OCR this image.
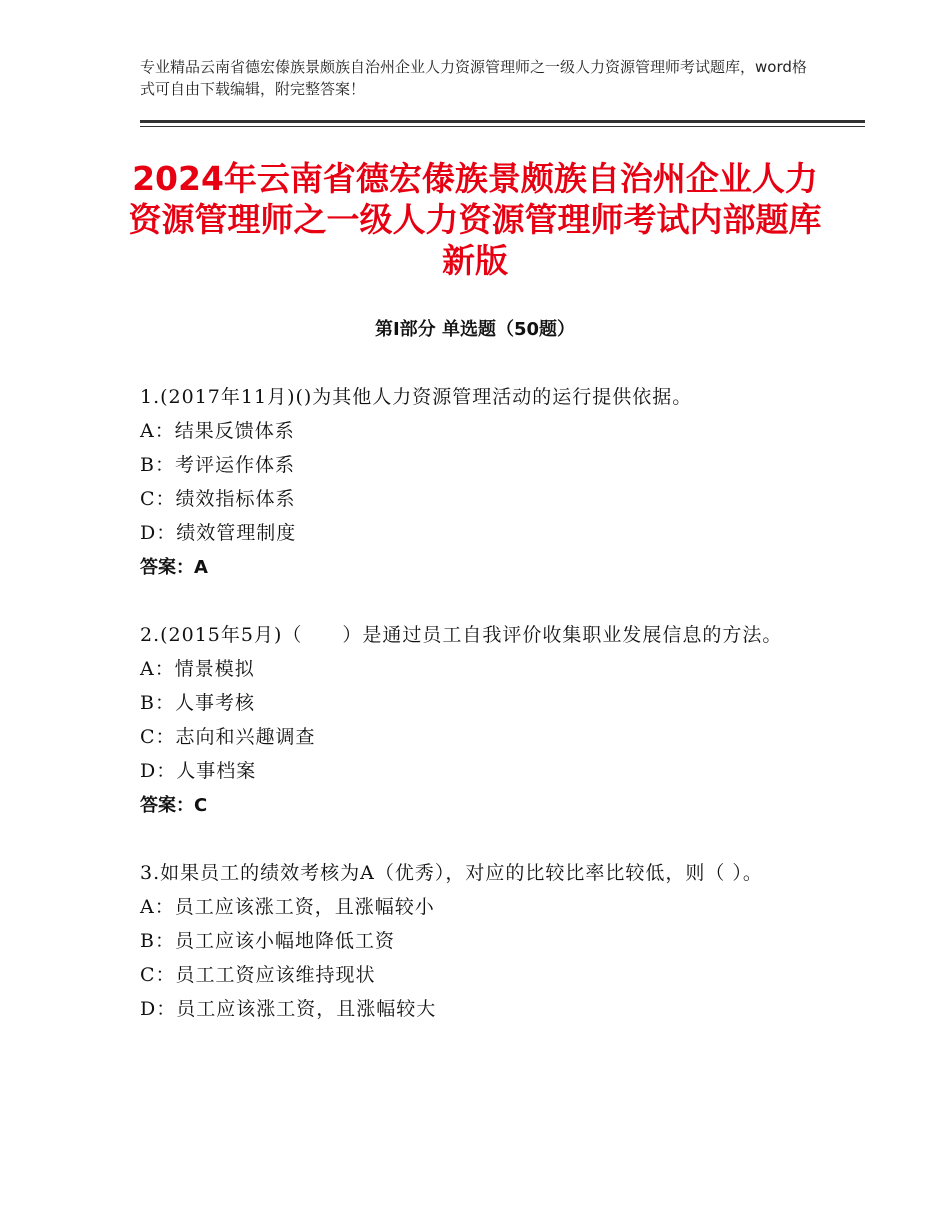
专业精品云南省德宏傣族景颇族自治州企业人力资源管理师之一级人力资源管理师考试题库，word格式可自由下载编辑，附完整答案！
2024年云南省德宏傣族景颇族自治州企业人力资源管理师之一级人力资源管理师考试内部题库新版
第Ⅰ部分 单选题（50题）

1.(2017年11月)()为其他人力资源管理活动的运行提供依据。

A：结果反馈体系

B：考评运作体系

C：绩效指标体系

D：绩效管理制度

答案：A

2.(2015年5月)（　　）是通过员工自我评价收集职业发展信息的方法。

A：情景模拟

B：人事考核

C：志向和兴趣调查

D：人事档案

答案：C

3.如果员工的绩效考核为A（优秀），对应的比较比率比较低，则（ ）。

A：员工应该涨工资，且涨幅较小

B：员工应该小幅地降低工资

C：员工工资应该维持现状

D：员工应该涨工资，且涨幅较大
